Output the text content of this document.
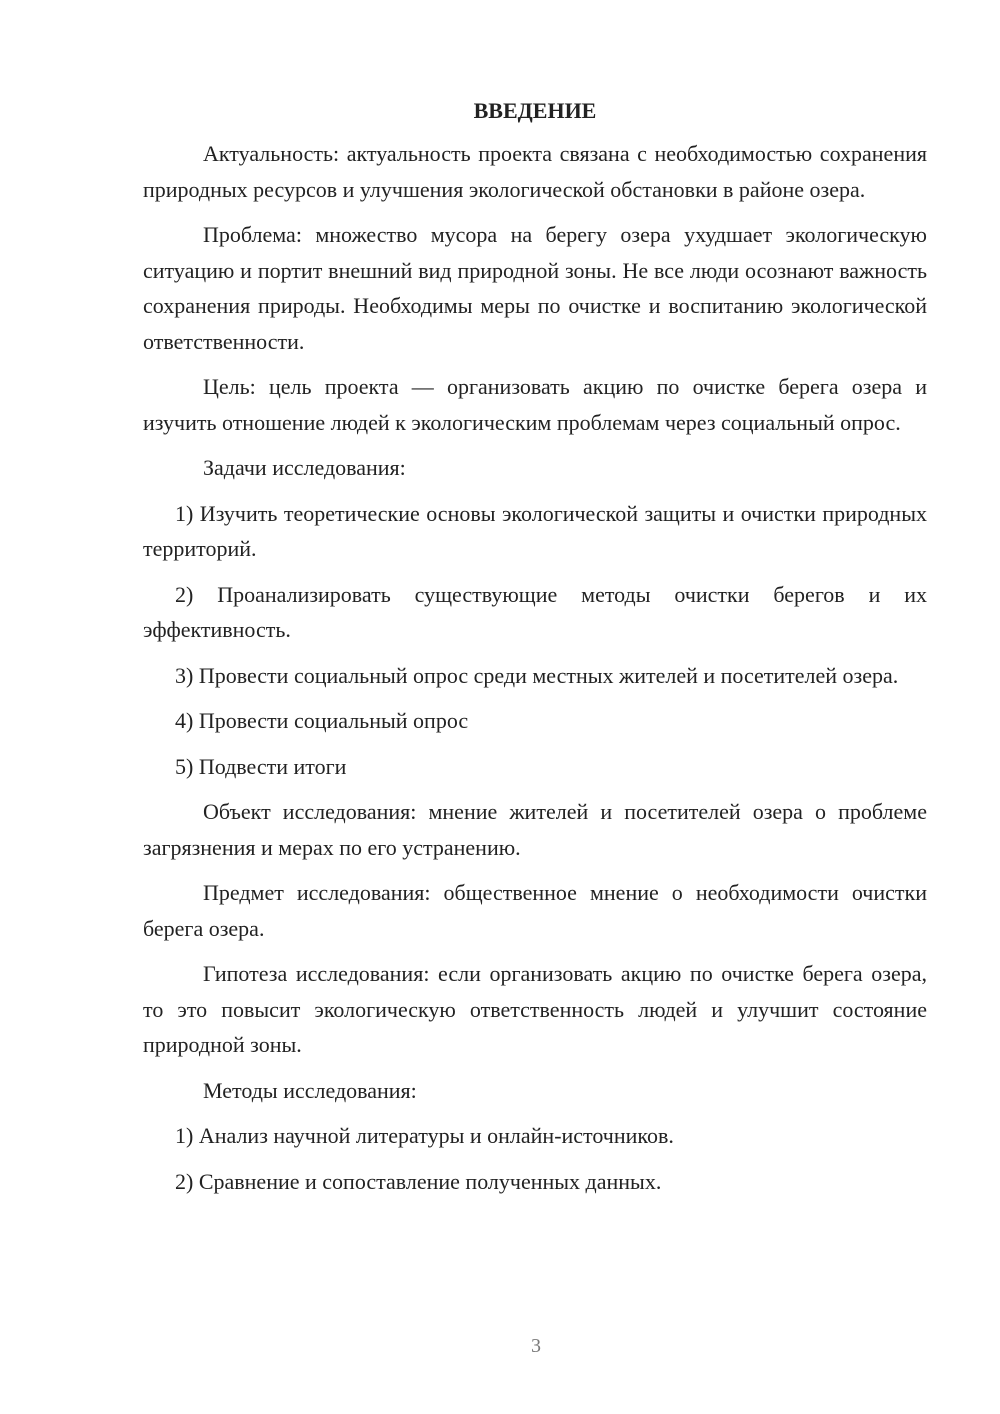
ВВЕДЕНИЕ

Актуальность: актуальность проекта связана с необходимостью сохранения природных ресурсов и улучшения экологической обстановки в районе озера.

Проблема: множество мусора на берегу озера ухудшает экологическую ситуацию и портит внешний вид природной зоны. Не все люди осознают важность сохранения природы. Необходимы меры по очистке и воспитанию экологической ответственности.

Цель: цель проекта — организовать акцию по очистке берега озера и изучить отношение людей к экологическим проблемам через социальный опрос.

Задачи исследования:

1) Изучить теоретические основы экологической защиты и очистки природных территорий.

2) Проанализировать существующие методы очистки берегов и их эффективность.

3) Провести социальный опрос среди местных жителей и посетителей озера.

4) Провести социальный опрос

5) Подвести итоги

Объект исследования: мнение жителей и посетителей озера о проблеме загрязнения и мерах по его устранению.

Предмет исследования: общественное мнение о необходимости очистки берега озера.

Гипотеза исследования: если организовать акцию по очистке берега озера, то это повысит экологическую ответственность людей и улучшит состояние природной зоны.

Методы исследования:

1) Анализ научной литературы и онлайн-источников.

2) Сравнение и сопоставление полученных данных.

3
